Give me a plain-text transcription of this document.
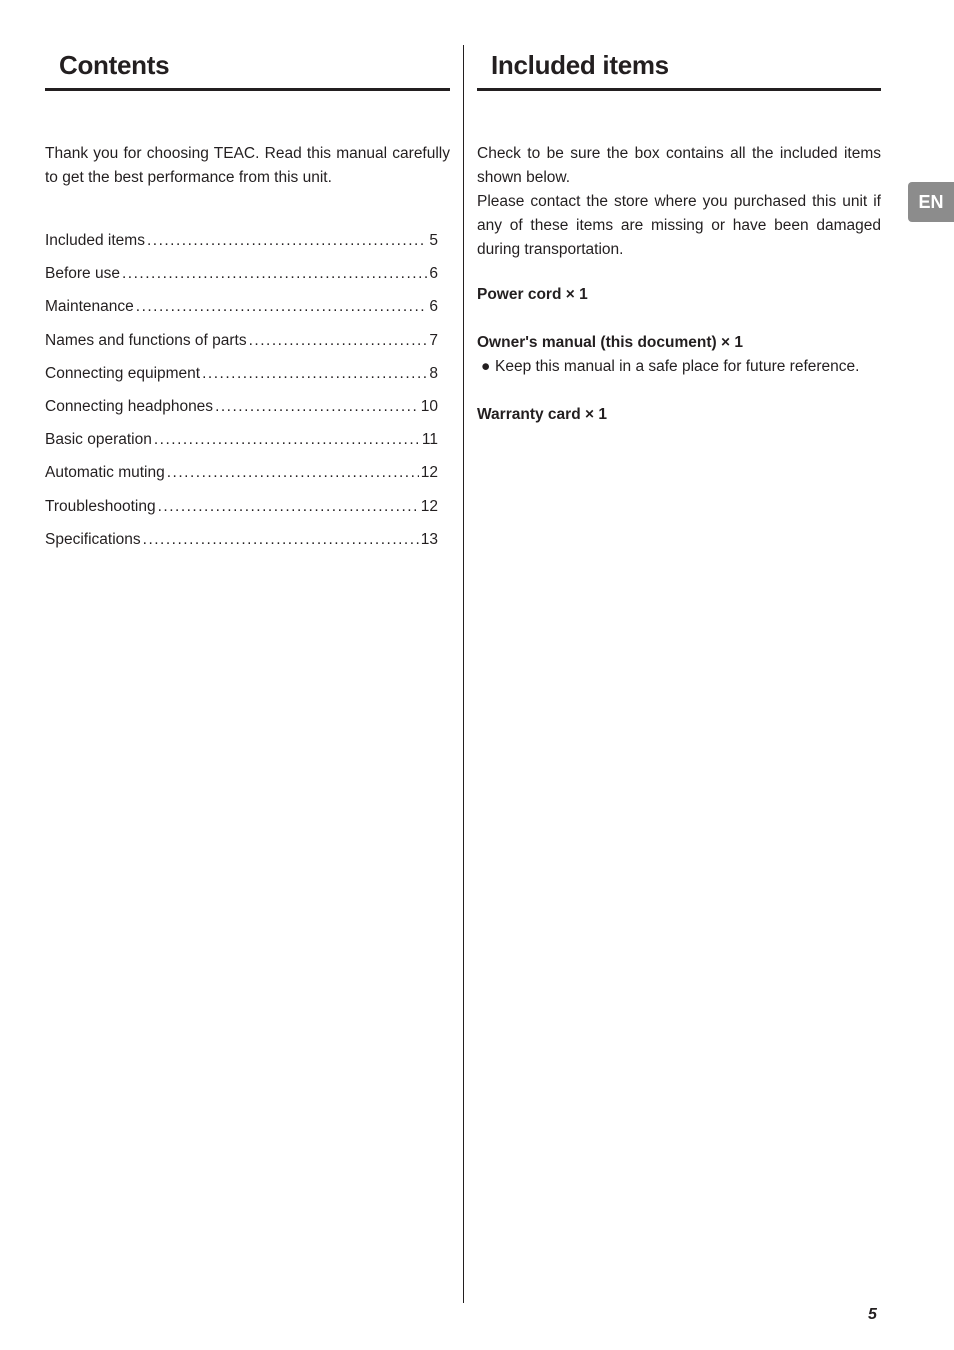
Contents

Thank you for choosing TEAC. Read this manual carefully to get the best performance from this unit.

Included items .....	5
Before use .....	6
Maintenance .....	6
Names and functions of parts .....	7
Connecting equipment .....	8
Connecting headphones .....	10
Basic operation .....	11
Automatic muting .....	12
Troubleshooting .....	12
Specifications .....	13
Included items

Check to be sure the box contains all the included items shown below.
Please contact the store where you purchased this unit if any of these items are missing or have been damaged during transportation.

Power cord × 1
Owner's manual (this document) × 1
● Keep this manual in a safe place for future reference.
Warranty card × 1
EN
5
